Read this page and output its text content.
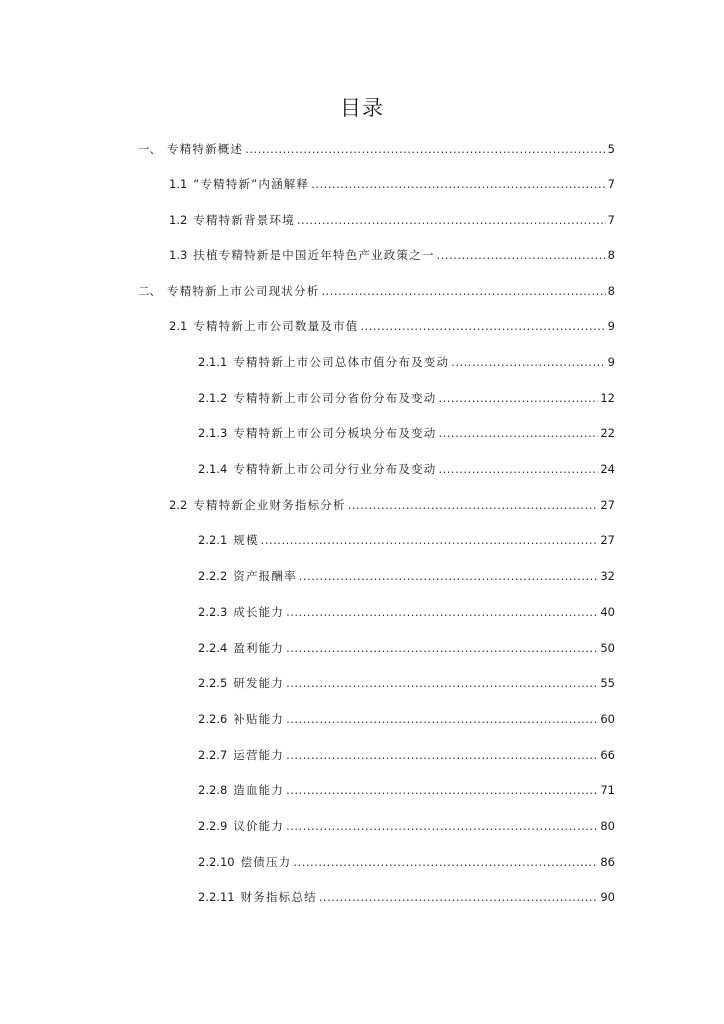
目录
一、 专精特新概述 .....	5
1.1 “专精特新”内涵解释 .....	7
1.2 专精特新背景环境 .....	7
1.3 扶植专精特新是中国近年特色产业政策之一 .....	8
二、 专精特新上市公司现状分析 .....	8
2.1 专精特新上市公司数量及市值 .....	9
2.1.1 专精特新上市公司总体市值分布及变动 .....	9
2.1.2 专精特新上市公司分省份分布及变动 .....	12
2.1.3 专精特新上市公司分板块分布及变动 .....	22
2.1.4 专精特新上市公司分行业分布及变动 .....	24
2.2 专精特新企业财务指标分析 .....	27
2.2.1 规模 .....	27
2.2.2 资产报酬率 .....	32
2.2.3 成长能力 .....	40
2.2.4 盈利能力 .....	50
2.2.5 研发能力 .....	55
2.2.6 补贴能力 .....	60
2.2.7 运营能力 .....	66
2.2.8 造血能力 .....	71
2.2.9 议价能力 .....	80
2.2.10 偿债压力 .....	86
2.2.11 财务指标总结 .....	90
